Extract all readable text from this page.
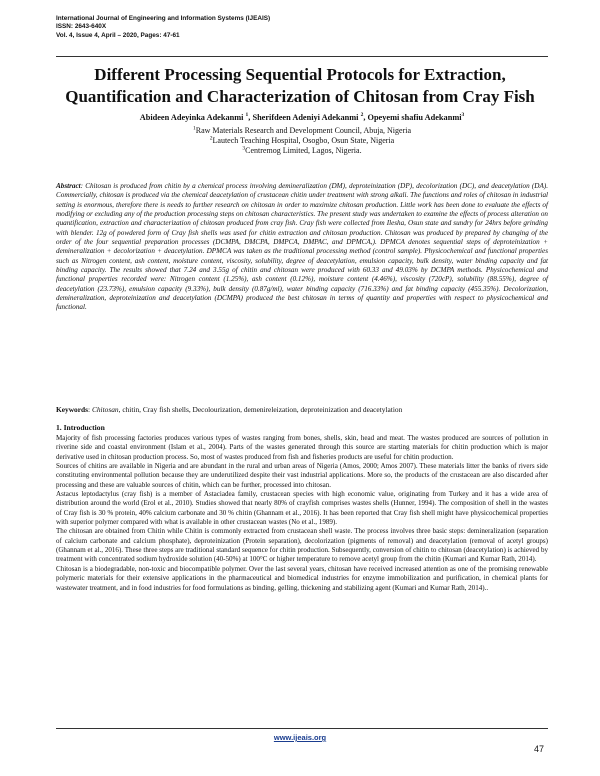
International Journal of Engineering and Information Systems (IJEAIS)
ISSN: 2643-640X
Vol. 4, Issue 4, April – 2020, Pages: 47-61
Different Processing Sequential Protocols for Extraction,
Quantification and Characterization of Chitosan from Cray Fish
Abideen Adeyinka Adekanmi $^1$, Sherifdeen Adeniyi Adekanmi $^2$, Opeyemi shafiu Adekanmi$^3$
$^1$Raw Materials Research and Development Council, Abuja, Nigeria
$^2$Lautech Teaching Hospital, Osogbo, Osun State, Nigeria
$^3$Centremog Limited, Lagos, Nigeria.
Abstract: Chitosan is produced from chitin by a chemical process involving demineralization (DM), deproteinization (DP), decolorization (DC), and deacetylation (DA). Commercially, chitosan is produced via the chemical deacetylation of crustacean chitin under treatment with strong alkali. The functions and roles of chitosan in industrial setting is enormous, therefore there is needs to further research on chitosan in order to maximize chitosan production. Little work has been done to evaluate the effects of modifying or excluding any of the production processing steps on chitosan characteristics. The present study was undertaken to examine the effects of process alteration on quantification, extraction and characterization of chitosan produced from cray fish. Cray fish were collected from Ilesha, Osun state and sundry for 24hrs before grinding with blender. 12g of powdered form of Cray fish shells was used for chitin extraction and chitosan production. Chitosan was produced by prepared by changing of the order of the four sequential preparation processes (DCMPA, DMCPA, DMPCA, DMPAC, and DPMCA,). DPMCA denotes sequential steps of deproteinization + demineralization + decolorization + deacetylation. DPMCA was taken as the traditional processing method (control sample). Physicochemical and functional properties such as Nitrogen content, ash content, moisture content, viscosity, solubility, degree of deacetylation, emulsion capacity, bulk density, water binding capacity and fat binding capacity. The results showed that 7.24 and 3.55g of chitin and chitosan were produced with 60.33 and 49.03% by DCMPA methods. Physicochemical and functional properties recorded were: Nitrogen content (1.25%), ash content (0.12%), moisture content (4.46%), viscosity (720cP), solubility (88.55%), degree of deacetylation (23.73%), emulsion capacity (9.33%), bulk density (0.87g/ml), water binding capacity (716.33%) and fat binding capacity (455.35%). Decolorization, demineralization, deproteinization and deacetylation (DCMPA) produced the best chitosan in terms of quantity and properties with respect to physicochemical and functional.
Keywords: Chitosan, chitin, Cray fish shells, Decolourization, demenireleization, deproteinization and deacetylation
1. Introduction

Majority of fish processing factories produces various types of wastes ranging from bones, shells, skin, head and meat. The wastes produced are sources of pollution in riverine side and coastal environment (Islam et al., 2004). Parts of the wastes generated through this source are starting materials for chitin production which is major derivative used in chitosan production process. So, most of wastes produced from fish and fisheries products are useful for chitin production.

Sources of chitins are available in Nigeria and are abundant in the rural and urban areas of Nigeria (Amos, 2000; Amos 2007). These materials litter the banks of rivers side constituting environmental pollution because they are underutilized despite their vast industrial applications. More so, the products of the crustacean are also discarded after processing and these are valuable sources of chitin, which can be further, processed into chitosan.

Astacus leptodactylus (cray fish) is a member of Astaciadea family, crustacean species with high economic value, originating from Turkey and it has a wide area of distribution around the world (Erol et al., 2010). Studies showed that nearly 80% of crayfish comprises wastes shells (Hunner, 1994). The composition of shell in the wastes of Cray fish is 30 % protein, 40% calcium carbonate and 30 % chitin (Ghannam et al., 2016). It has been reported that Cray fish shell might have physicochemical properties with superior polymer compared with what is available in other crustacean wastes (No et al., 1989).

The chitosan are obtained from Chitin while Chitin is commonly extracted from crustacean shell waste. The process involves three basic steps: demineralization (separation of calcium carbonate and calcium phosphate), deproteinization (Protein separation), decolorization (pigments of removal) and deacetylation (removal of acetyl groups) (Ghannam et al., 2016). These three steps are traditional standard sequence for chitin production. Subsequently, conversion of chitin to chitosan (deacetylation) is achieved by treatment with concentrated sodium hydroxide solution (40-50%) at 100°C or higher temperature to remove acetyl group from the chitin (Kumari and Kumar Rath, 2014).

Chitosan is a biodegradable, non-toxic and biocompatible polymer. Over the last several years, chitosan have received increased attention as one of the promising renewable polymeric materials for their extensive applications in the pharmaceutical and biomedical industries for enzyme immobilization and purification, in chemical plants for wastewater treatment, and in food industries for food formulations as binding, gelling, thickening and stabilizing agent (Kumari and Kumar Rath, 2014)..

www.ijeais.org
47
